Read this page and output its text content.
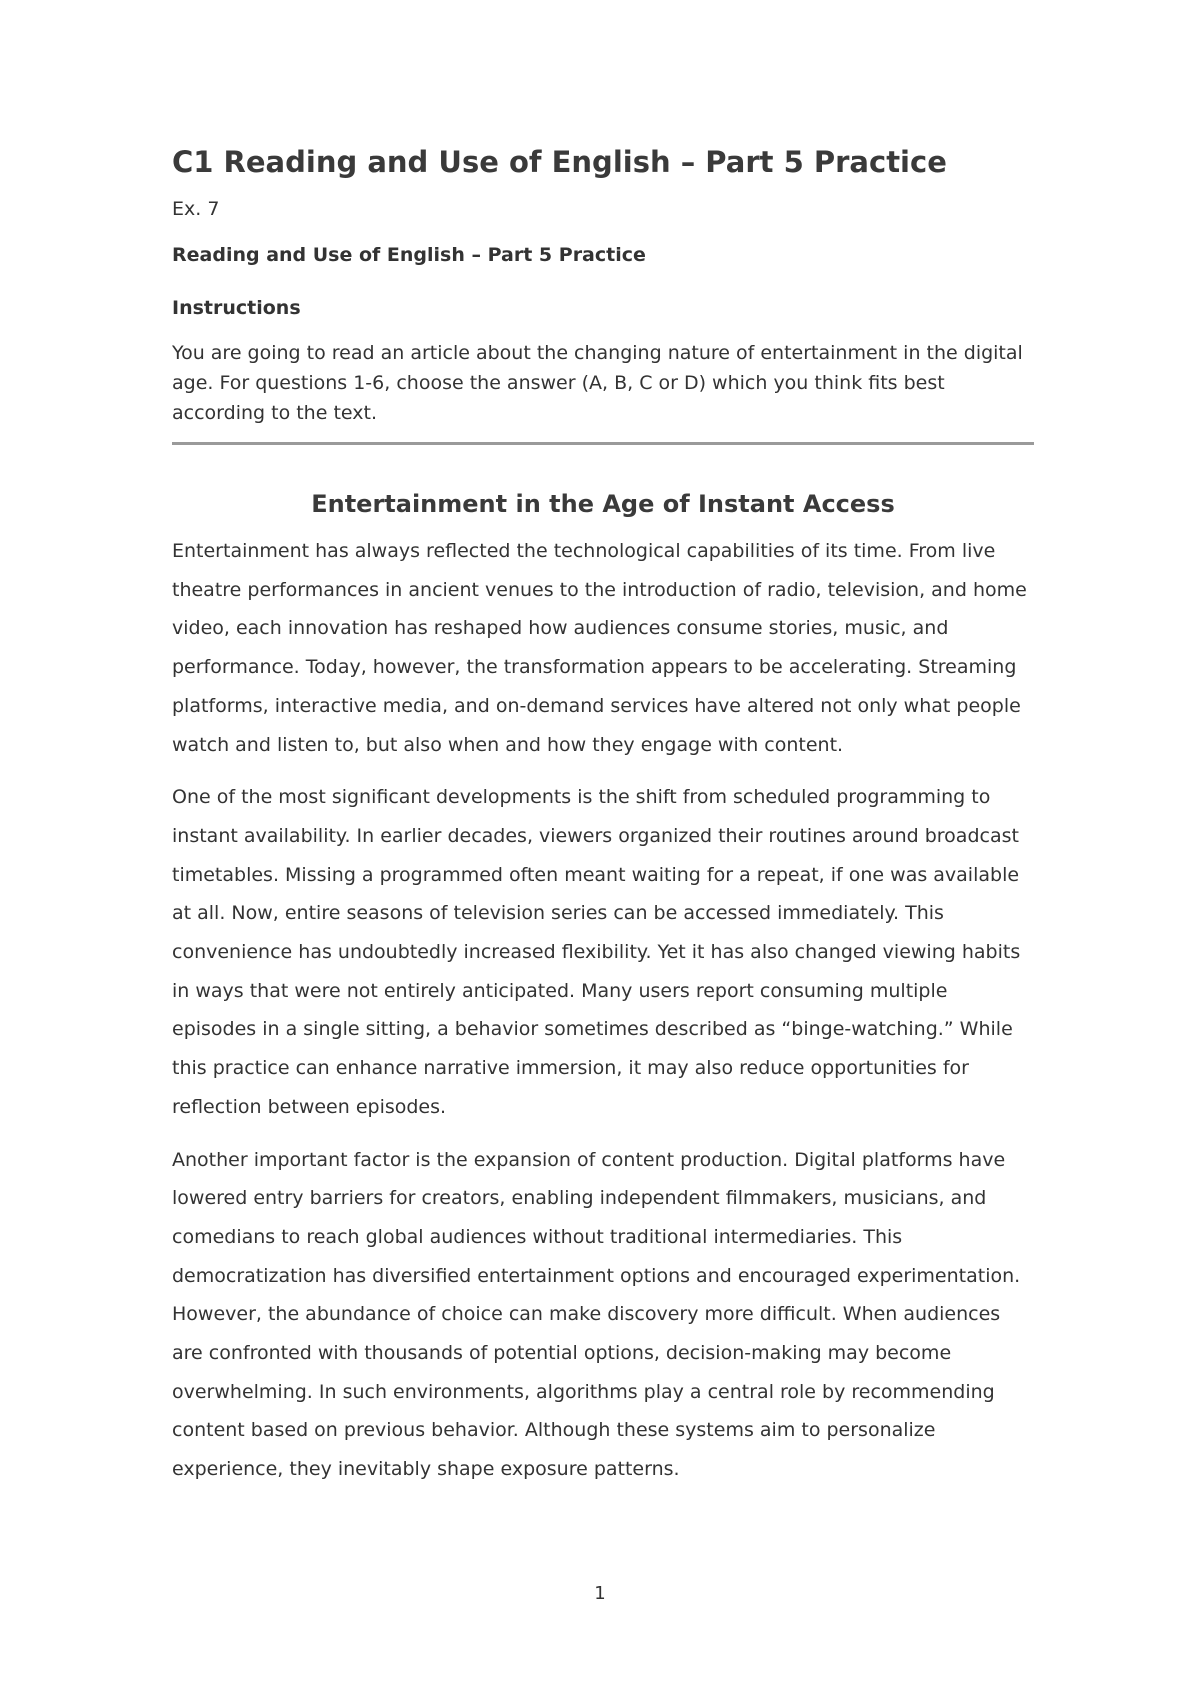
C1 Reading and Use of English – Part 5 Practice
Ex. 7
Reading and Use of English – Part 5 Practice
Instructions
You are going to read an article about the changing nature of entertainment in the digital age. For questions 1-6, choose the answer (A, B, C or D) which you think fits best according to the text.
Entertainment in the Age of Instant Access
Entertainment has always reflected the technological capabilities of its time. From live theatre performances in ancient venues to the introduction of radio, television, and home video, each innovation has reshaped how audiences consume stories, music, and performance. Today, however, the transformation appears to be accelerating. Streaming platforms, interactive media, and on-demand services have altered not only what people watch and listen to, but also when and how they engage with content.
One of the most significant developments is the shift from scheduled programming to instant availability. In earlier decades, viewers organized their routines around broadcast timetables. Missing a programmed often meant waiting for a repeat, if one was available at all. Now, entire seasons of television series can be accessed immediately. This convenience has undoubtedly increased flexibility. Yet it has also changed viewing habits in ways that were not entirely anticipated. Many users report consuming multiple episodes in a single sitting, a behavior sometimes described as “binge-watching.” While this practice can enhance narrative immersion, it may also reduce opportunities for reflection between episodes.
Another important factor is the expansion of content production. Digital platforms have lowered entry barriers for creators, enabling independent filmmakers, musicians, and comedians to reach global audiences without traditional intermediaries. This democratization has diversified entertainment options and encouraged experimentation. However, the abundance of choice can make discovery more difficult. When audiences are confronted with thousands of potential options, decision-making may become overwhelming. In such environments, algorithms play a central role by recommending content based on previous behavior. Although these systems aim to personalize experience, they inevitably shape exposure patterns.
1
